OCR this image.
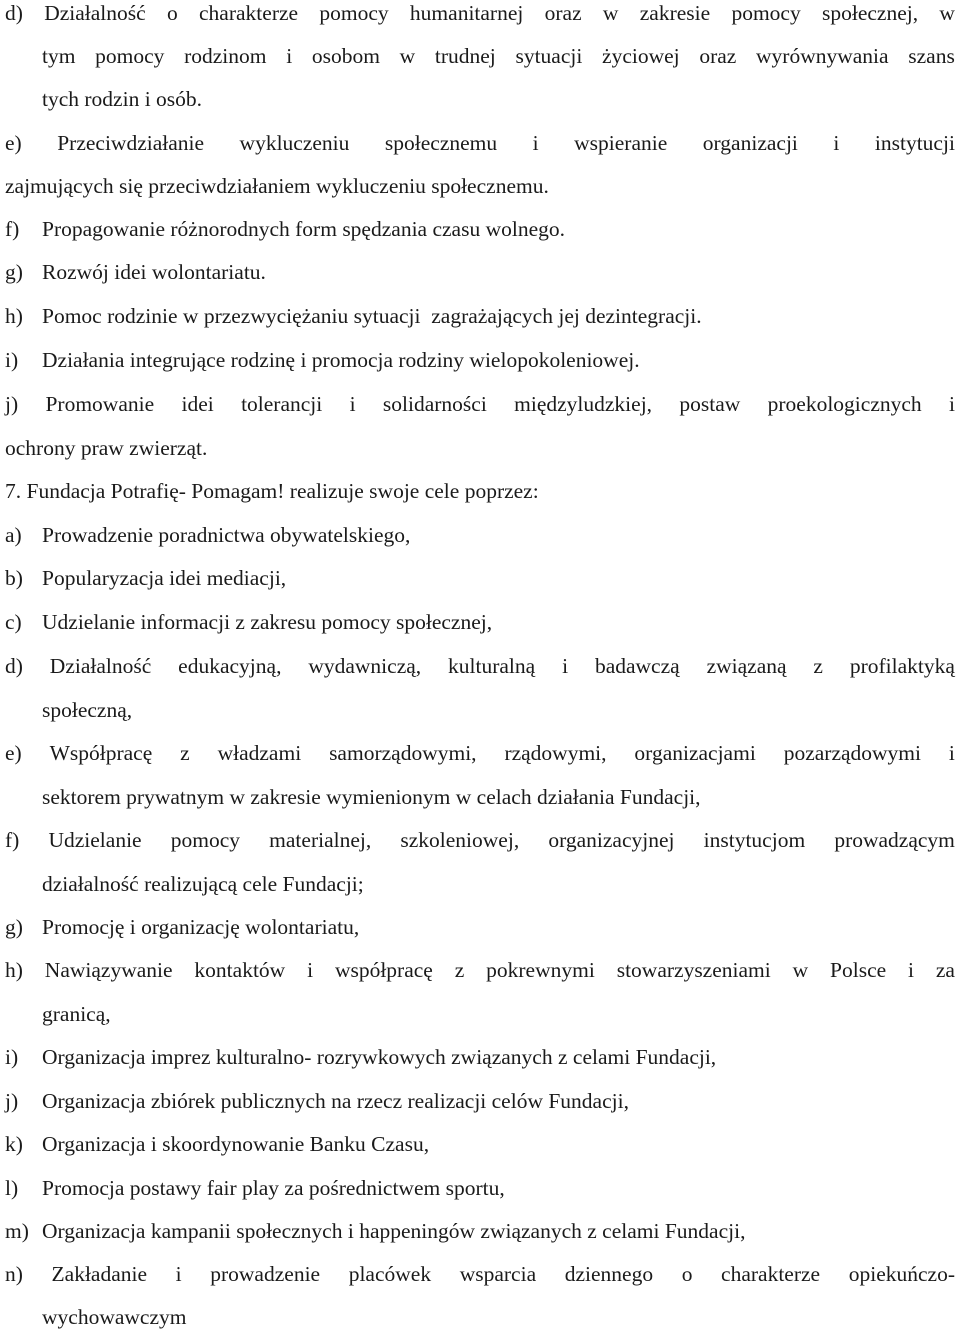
d) Działalność o charakterze pomocy humanitarnej oraz w zakresie pomocy społecznej, w
tym pomocy rodzinom i osobom w trudnej sytuacji życiowej oraz wyrównywania szans
tych rodzin i osób.
e) Przeciwdziałanie wykluczeniu społecznemu i wspieranie organizacji i instytucji
zajmujących się przeciwdziałaniem wykluczeniu społecznemu.
f) Propagowanie różnorodnych form spędzania czasu wolnego.
g) Rozwój idei wolontariatu.
h) Pomoc rodzinie w przezwyciężaniu sytuacji  zagrażających jej dezintegracji.
i) Działania integrujące rodzinę i promocja rodziny wielopokoleniowej.
j) Promowanie idei tolerancji i solidarności międzyludzkiej, postaw proekologicznych i
ochrony praw zwierząt.
7. Fundacja Potrafię- Pomagam! realizuje swoje cele poprzez:
a) Prowadzenie poradnictwa obywatelskiego,
b) Popularyzacja idei mediacji,
c) Udzielanie informacji z zakresu pomocy społecznej,
d) Działalność edukacyjną, wydawniczą, kulturalną i badawczą związaną z profilaktyką
społeczną,
e) Współpracę z władzami samorządowymi, rządowymi, organizacjami pozarządowymi i
sektorem prywatnym w zakresie wymienionym w celach działania Fundacji,
f) Udzielanie pomocy materialnej, szkoleniowej, organizacyjnej instytucjom prowadzącym
działalność realizującą cele Fundacji;
g) Promocję i organizację wolontariatu,
h) Nawiązywanie kontaktów i współpracę z pokrewnymi stowarzyszeniami w Polsce i za
granicą,
i) Organizacja imprez kulturalno- rozrywkowych związanych z celami Fundacji,
j) Organizacja zbiórek publicznych na rzecz realizacji celów Fundacji,
k) Organizacja i skoordynowanie Banku Czasu,
l) Promocja postawy fair play za pośrednictwem sportu,
m) Organizacja kampanii społecznych i happeningów związanych z celami Fundacji,
n) Zakładanie i prowadzenie placówek wsparcia dziennego o charakterze opiekuńczo-
wychowawczym
